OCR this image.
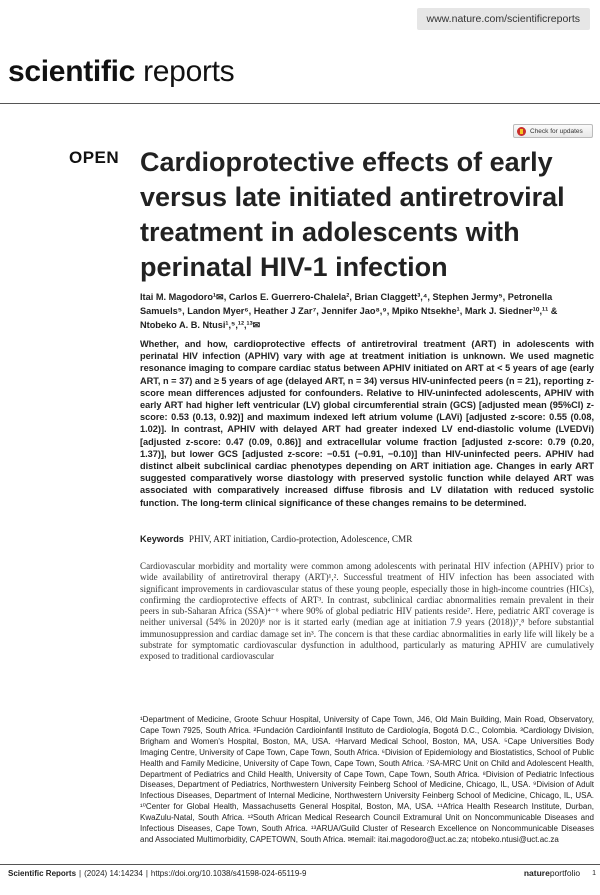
www.nature.com/scientificreports
scientific reports
Check for updates
OPEN Cardioprotective effects of early versus late initiated antiretroviral treatment in adolescents with perinatal HIV-1 infection
Itai M. Magodoro¹✉, Carlos E. Guerrero-Chalela², Brian Claggett³,⁴, Stephen Jermy⁵, Petronella Samuels⁵, Landon Myer⁶, Heather J Zar⁷, Jennifer Jao⁸,⁹, Mpiko Ntsekhe¹, Mark J. Siedner¹⁰,¹¹ & Ntobeko A. B. Ntusi¹,⁵,¹²,¹³✉
Whether, and how, cardioprotective effects of antiretroviral treatment (ART) in adolescents with perinatal HIV infection (APHIV) vary with age at treatment initiation is unknown. We used magnetic resonance imaging to compare cardiac status between APHIV initiated on ART at < 5 years of age (early ART, n = 37) and ≥ 5 years of age (delayed ART, n = 34) versus HIV-uninfected peers (n = 21), reporting z-score mean differences adjusted for confounders. Relative to HIV-uninfected adolescents, APHIV with early ART had higher left ventricular (LV) global circumferential strain (GCS) [adjusted mean (95%CI) z-score: 0.53 (0.13, 0.92)] and maximum indexed left atrium volume (LAVi) [adjusted z-score: 0.55 (0.08, 1.02)]. In contrast, APHIV with delayed ART had greater indexed LV end-diastolic volume (LVEDVi) [adjusted z-score: 0.47 (0.09, 0.86)] and extracellular volume fraction [adjusted z-score: 0.79 (0.20, 1.37)], but lower GCS [adjusted z-score: −0.51 (−0.91, −0.10)] than HIV-uninfected peers. APHIV had distinct albeit subclinical cardiac phenotypes depending on ART initiation age. Changes in early ART suggested comparatively worse diastology with preserved systolic function while delayed ART was associated with comparatively increased diffuse fibrosis and LV dilatation with reduced systolic function. The long-term clinical significance of these changes remains to be determined.
Keywords PHIV, ART initiation, Cardio-protection, Adolescence, CMR
Cardiovascular morbidity and mortality were common among adolescents with perinatal HIV infection (APHIV) prior to wide availability of antiretroviral therapy (ART)¹,². Successful treatment of HIV infection has been associated with significant improvements in cardiovascular status of these young people, especially those in high-income countries (HICs), confirming the cardioprotective effects of ART³. In contrast, subclinical cardiac abnormalities remain prevalent in their peers in sub-Saharan Africa (SSA)⁴⁻⁶ where 90% of global pediatric HIV patients reside⁷. Here, pediatric ART coverage is neither universal (54% in 2020)⁸ nor is it started early (median age at initiation 7.9 years (2018))⁷,⁸ before substantial immunosuppression and cardiac damage set in³. The concern is that these cardiac abnormalities in early life will likely be a substrate for symptomatic cardiovascular dysfunction in adulthood, particularly as maturing APHIV are cumulatively exposed to traditional cardiovascular
¹Department of Medicine, Groote Schuur Hospital, University of Cape Town, J46, Old Main Building, Main Road, Observatory, Cape Town 7925, South Africa. ²Fundación Cardioinfantil Instituto de Cardiología, Bogotá D.C., Colombia. ³Cardiology Division, Brigham and Women's Hospital, Boston, MA, USA. ⁴Harvard Medical School, Boston, MA, USA. ⁵Cape Universities Body Imaging Centre, University of Cape Town, Cape Town, South Africa. ⁶Division of Epidemiology and Biostatistics, School of Public Health and Family Medicine, University of Cape Town, Cape Town, South Africa. ⁷SA-MRC Unit on Child and Adolescent Health, Department of Pediatrics and Child Health, University of Cape Town, Cape Town, South Africa. ⁸Division of Pediatric Infectious Diseases, Department of Pediatrics, Northwestern University Feinberg School of Medicine, Chicago, IL, USA. ⁹Division of Adult Infectious Diseases, Department of Internal Medicine, Northwestern University Feinberg School of Medicine, Chicago, IL, USA. ¹⁰Center for Global Health, Massachusetts General Hospital, Boston, MA, USA. ¹¹Africa Health Research Institute, Durban, KwaZulu-Natal, South Africa. ¹²South African Medical Research Council Extramural Unit on Noncommunicable Diseases and Infectious Diseases, Cape Town, South Africa. ¹³ARUA/Guild Cluster of Research Excellence on Noncommunicable Diseases and Associated Multimorbidity, CAPETOWN, South Africa. ✉email: itai.magodoro@uct.ac.za; ntobeko.ntusi@uct.ac.za
Scientific Reports | (2024) 14:14234 | https://doi.org/10.1038/s41598-024-65119-9	natureportfolio 1
